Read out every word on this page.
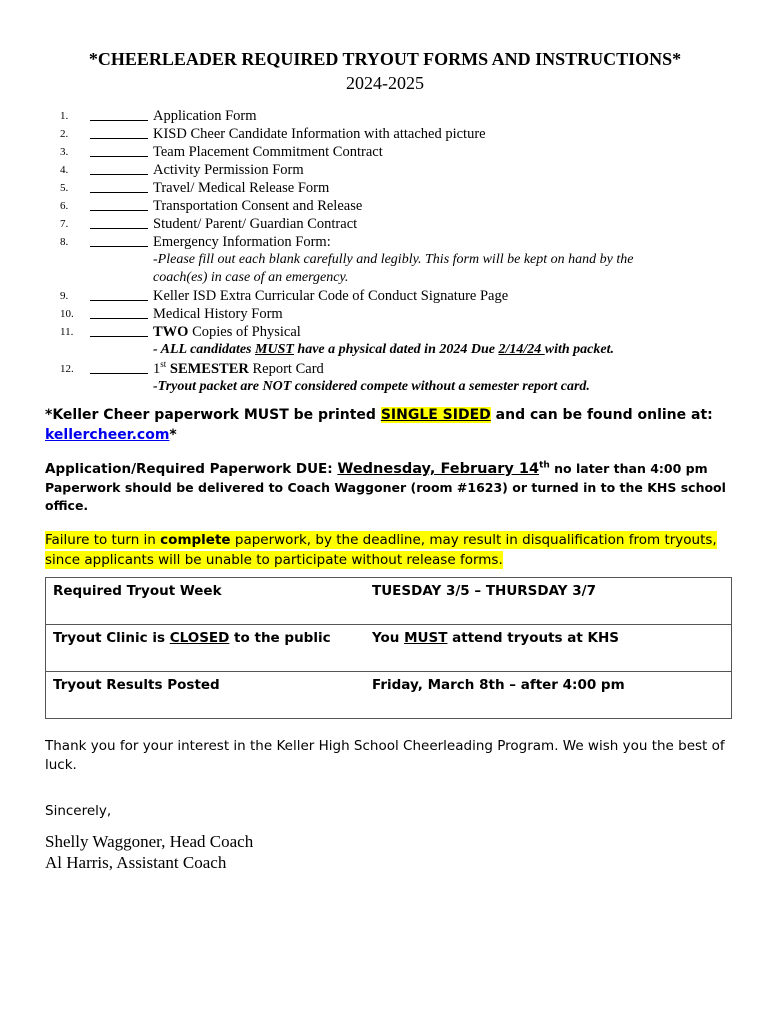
*CHEERLEADER REQUIRED TRYOUT FORMS AND INSTRUCTIONS*
2024-2025
1.	Application Form
2.	KISD Cheer Candidate Information with attached picture
3.	Team Placement Commitment Contract
4.	Activity Permission Form
5.	Travel/ Medical Release Form
6.	Transportation Consent and Release
7.	Student/ Parent/ Guardian Contract
8.	Emergency Information Form:
-Please fill out each blank carefully and legibly. This form will be kept on hand by the
coach(es) in case of an emergency.
9.	Keller ISD Extra Curricular Code of Conduct Signature Page
10.	Medical History Form
11.	TWO Copies of Physical
- ALL candidates MUST have a physical dated in 2024 Due 2/14/24 with packet.
12.	1st SEMESTER Report Card
-Tryout packet are NOT considered compete without a semester report card.
*Keller Cheer paperwork MUST be printed SINGLE SIDED and can be found online at:
kellercheer.com*
Application/Required Paperwork DUE: Wednesday, February 14th no later than 4:00 pm
Paperwork should be delivered to Coach Waggoner (room #1623) or turned in to the KHS school office.
Failure to turn in complete paperwork, by the deadline, may result in disqualification from tryouts,
since applicants will be unable to participate without release forms.
Required Tryout Week	TUESDAY 3/5 – THURSDAY 3/7
Tryout Clinic is CLOSED to the public	You MUST attend tryouts at KHS
Tryout Results Posted	Friday, March 8th – after 4:00 pm
Thank you for your interest in the Keller High School Cheerleading Program. We wish you the best of luck.
Sincerely,
Shelly Waggoner, Head Coach
Al Harris, Assistant Coach
